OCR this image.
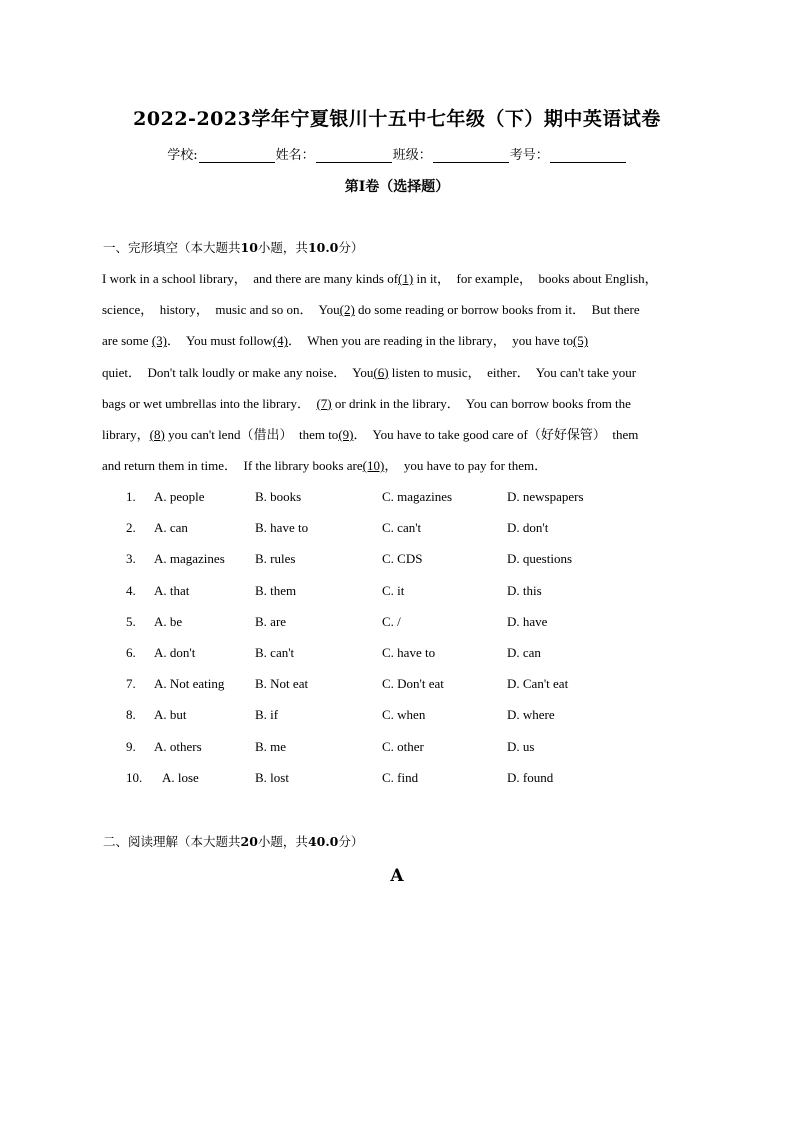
2022-2023学年宁夏银川十五中七年级（下）期中英语试卷
学校:	姓名：	班级：	考号：
第I卷（选择题）
一、完形填空（本大题共10小题，共10.0分）
I work in a school library，  and there are many kinds of(1) in it，  for example，  books about English，
science，  history，  music and so on．  You(2) do some reading or borrow books from it．  But there
are some (3)．  You must follow(4)．  When you are reading in the library，  you have to(5)
quiet．  Don't talk loudly or make any noise．  You(6) listen to music，  either．  You can't take your
bags or wet umbrellas into the library．  (7) or drink in the library．  You can borrow books from the
library，(8) you can't lend（借出）  them to(9)．  You have to take good care of（好好保管）  them
and return them in time．  If the library books are(10)，  you have to pay for them．
1. A. people	B. books	C. magazines	D. newspapers
2. A. can	B. have to	C. can't	D. don't
3. A. magazines B. rules	C. CDS	D. questions
4. A. that	B. them	C. it	D. this
5. A. be	B. are	C. /	D. have
6. A. don't	B. can't	C. have to	D. can
7. A. Not eating B. Not eat	C. Don't eat	D. Can't eat
8. A. but	B. if	C. when	D. where
9. A. others	B. me	C. other	D. us
10. A. lose	B. lost	C. find	D. found
二、阅读理解（本大题共20小题，共40.0分）
A
